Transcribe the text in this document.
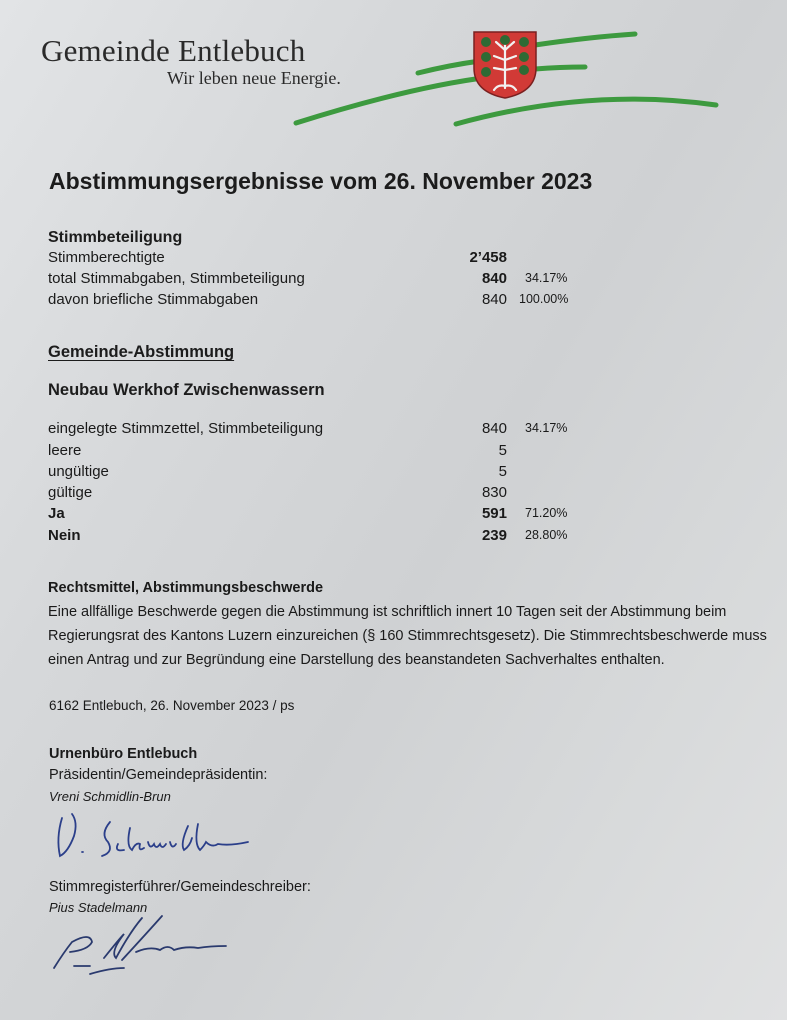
Gemeinde Entlebuch
Wir leben neue Energie.
Abstimmungsergebnisse vom 26. November 2023
Stimmbeteiligung
Stimmberechtigte	2’458
total Stimmabgaben, Stimmbeteiligung	840 34.17%
davon briefliche Stimmabgaben	840 100.00%
Gemeinde-Abstimmung
Neubau Werkhof Zwischenwassern
eingelegte Stimmzettel, Stimmbeteiligung	840 34.17%
leere	5
ungültige	5
gültige	830
Ja	591 71.20%
Nein	239 28.80%
Rechtsmittel, Abstimmungsbeschwerde
Eine allfällige Beschwerde gegen die Abstimmung ist schriftlich innert 10 Tagen seit der Abstimmung beim Regierungsrat des Kantons Luzern einzureichen (§ 160 Stimmrechtsgesetz). Die Stimmrechtsbeschwerde muss einen Antrag und zur Begründung eine Darstellung des beanstandeten Sachverhaltes enthalten.
6162 Entlebuch, 26. November 2023 / ps
Urnenbüro Entlebuch
Präsidentin/Gemeindepräsidentin:
Vreni Schmidlin-Brun
Stimmregisterführer/Gemeindeschreiber:
Pius Stadelmann
